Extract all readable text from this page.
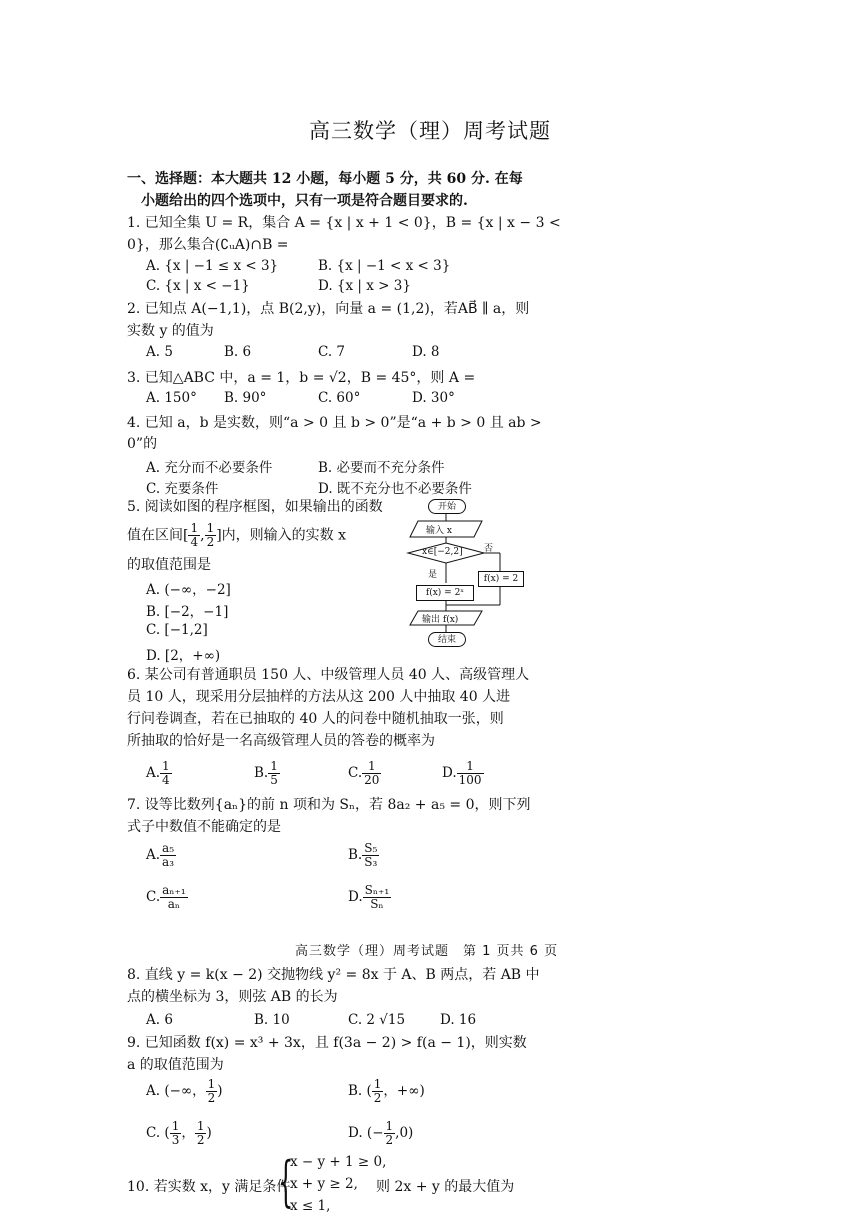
高三数学（理）周考试题
一、选择题：本大题共 12 小题，每小题 5 分，共 60 分. 在每
小题给出的四个选项中，只有一项是符合题目要求的.
1. 已知全集 U = R，集合 A = {x | x + 1 < 0}，B = {x | x − 3 <
0}，那么集合(∁ᵤA)∩B =
A. {x | −1 ≤ x < 3}	B. {x | −1 < x < 3}
C. {x | x < −1}	D. {x | x > 3}
2. 已知点 A(−1,1)，点 B(2,y)，向量 a = (1,2)，若AB⃗ ∥ a，则
实数 y 的值为
A. 5	B. 6	C. 7	D. 8
3. 已知△ABC 中，a = 1，b = √2，B = 45°，则 A =
A. 150° B. 90°	C. 60°	D. 30°
4. 已知 a，b 是实数，则“a > 0 且 b > 0”是“a + b > 0 且 ab >
0”的
A. 充分而不必要条件	B. 必要而不充分条件
C. 充要条件	D. 既不充分也不必要条件
5. 阅读如图的程序框图，如果输出的函数
值在区间[ $\frac{1}{4}$ , $\frac{1}{2}$ ]内，则输入的实数 x
的取值范围是
A. (−∞，−2]
B. [−2，−1]
C. [−1,2]
D. [2，+∞)
开始
输入 x
x∈[−2,2] 否
是	f(x) = 2
f(x) = 2ˣ
输出 f(x)
结束
6. 某公司有普通职员 150 人、中级管理人员 40 人、高级管理人
员 10 人，现采用分层抽样的方法从这 200 人中抽取 40 人进
行问卷调查，若在已抽取的 40 人的问卷中随机抽取一张，则
所抽取的恰好是一名高级管理人员的答卷的概率为
A. $\frac{1}{4}$	B. $\frac{1}{5}$	C. $\frac{1}{20}$	D. $\frac{1}{100}$
7. 设等比数列{aₙ}的前 n 项和为 Sₙ，若 8a₂ + a₅ = 0，则下列
式子中数值不能确定的是
A. $\frac{\text{a₅}}{\text{a₃}}$	B. $\frac{\text{S₅}}{\text{S₃}}$
C. $\frac{\text{aₙ₊₁}}{\text{aₙ}}$	D. $\frac{\text{Sₙ₊₁}}{\text{Sₙ}}$
高三数学（理）周考试题　第 1 页共 6 页
8. 直线 y = k(x − 2) 交抛物线 y² = 8x 于 A、B 两点，若 AB 中
点的横坐标为 3，则弦 AB 的长为
A. 6	B. 10	C. 2 √15	D. 16
9. 已知函数 f(x) = x³ + 3x，且 f(3a − 2) > f(a − 1)，则实数
a 的取值范围为
A. (−∞， $\frac{1}{2}$ )	B. ( $\frac{1}{2}$ ，+∞)
C. ( $\frac{1}{3}$ ， $\frac{1}{2}$ )	D. (− $\frac{1}{2} ,0$)
10. 若实数 x，y 满足条件
{
x − y + 1 ≥ 0,
x + y ≥ 2,
x ≤ 1,
则 2x + y 的最大值为
